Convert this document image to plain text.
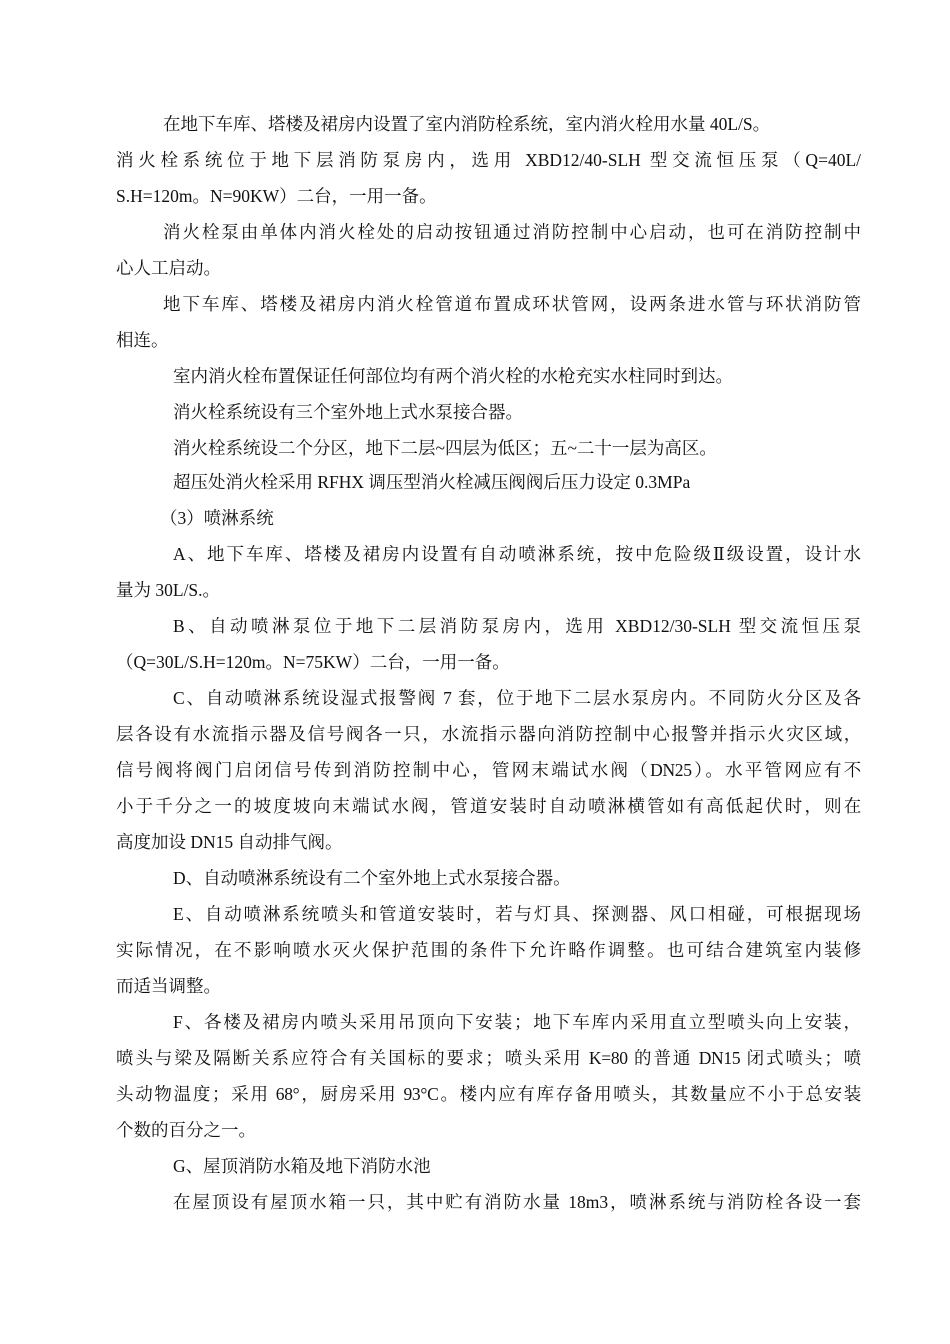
在地下车库、塔楼及裙房内设置了室内消防栓系统，室内消火栓用水量 40L/S。
消火栓系统位于地下层消防泵房内，选用 XBD12/40-SLH 型交流恒压泵（Q=40L/
S.H=120m。N=90KW）二台，一用一备。
消火栓泵由单体内消火栓处的启动按钮通过消防控制中心启动，也可在消防控制中
心人工启动。
地下车库、塔楼及裙房内消火栓管道布置成环状管网，设两条进水管与环状消防管
相连。
室内消火栓布置保证任何部位均有两个消火栓的水枪充实水柱同时到达。
消火栓系统设有三个室外地上式水泵接合器。
消火栓系统设二个分区，地下二层~四层为低区；五~二十一层为高区。
超压处消火栓采用 RFHX 调压型消火栓减压阀阀后压力设定 0.3MPa
（3）喷淋系统
A、地下车库、塔楼及裙房内设置有自动喷淋系统，按中危险级Ⅱ级设置，设计水
量为 30L/S.。
B、自动喷淋泵位于地下二层消防泵房内，选用 XBD12/30-SLH 型交流恒压泵
（Q=30L/S.H=120m。N=75KW）二台，一用一备。
C、自动喷淋系统设湿式报警阀 7 套，位于地下二层水泵房内。不同防火分区及各
层各设有水流指示器及信号阀各一只，水流指示器向消防控制中心报警并指示火灾区域，
信号阀将阀门启闭信号传到消防控制中心，管网末端试水阀（DN25）。水平管网应有不
小于千分之一的坡度坡向末端试水阀，管道安装时自动喷淋横管如有高低起伏时，则在
高度加设 DN15 自动排气阀。
D、自动喷淋系统设有二个室外地上式水泵接合器。
E、自动喷淋系统喷头和管道安装时，若与灯具、探测器、风口相碰，可根据现场
实际情况，在不影响喷水灭火保护范围的条件下允许略作调整。也可结合建筑室内装修
而适当调整。
F、各楼及裙房内喷头采用吊顶向下安装；地下车库内采用直立型喷头向上安装，
喷头与梁及隔断关系应符合有关国标的要求；喷头采用 K=80 的普通 DN15 闭式喷头；喷
头动物温度；采用 68°，厨房采用 93°C。楼内应有库存备用喷头，其数量应不小于总安装
个数的百分之一。
G、屋顶消防水箱及地下消防水池
在屋顶设有屋顶水箱一只，其中贮有消防水量 18m3，喷淋系统与消防栓各设一套
